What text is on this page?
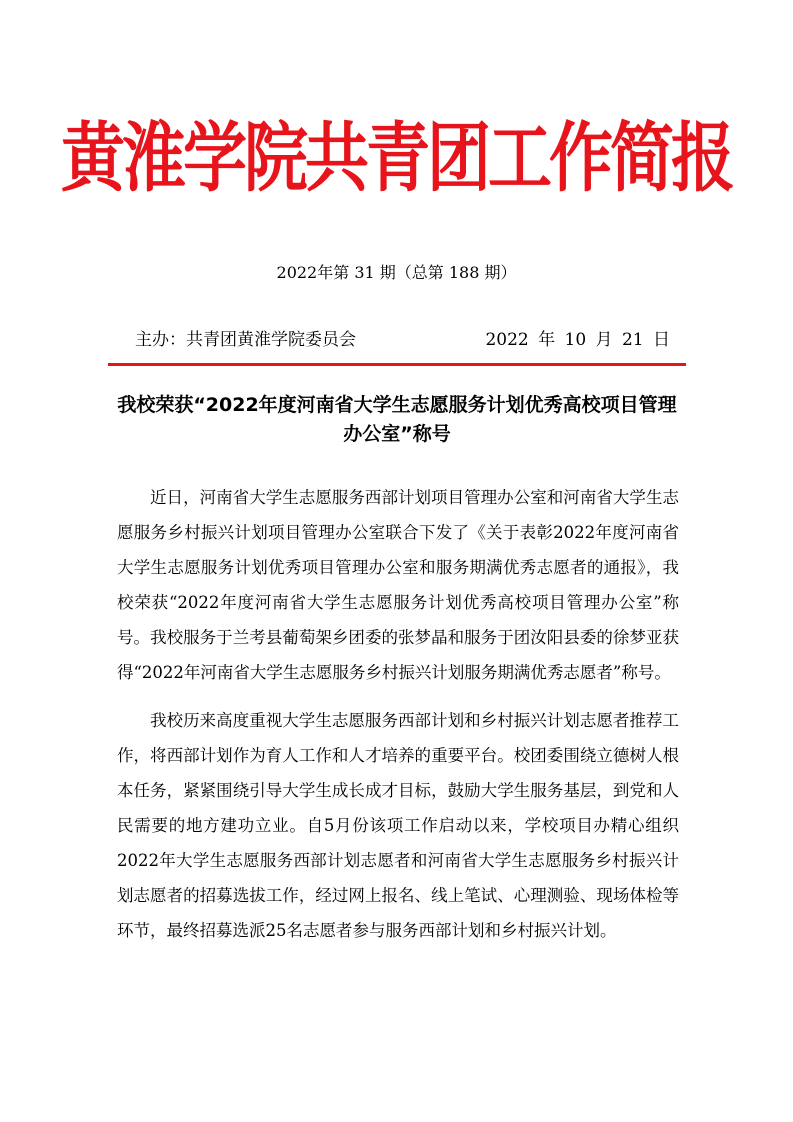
黄淮学院共青团工作简报
2022年第 31 期（总第 188 期）
主办：共青团黄淮学院委员会	2022 年 10 月 21 日
我校荣获“2022年度河南省大学生志愿服务计划优秀高校项目管理办公室”称号

近日，河南省大学生志愿服务西部计划项目管理办公室和河南省大学生志愿服务乡村振兴计划项目管理办公室联合下发了《关于表彰2022年度河南省大学生志愿服务计划优秀项目管理办公室和服务期满优秀志愿者的通报》，我校荣获“2022年度河南省大学生志愿服务计划优秀高校项目管理办公室”称号。我校服务于兰考县葡萄架乡团委的张梦晶和服务于团汝阳县委的徐梦亚获得“2022年河南省大学生志愿服务乡村振兴计划服务期满优秀志愿者”称号。

我校历来高度重视大学生志愿服务西部计划和乡村振兴计划志愿者推荐工作，将西部计划作为育人工作和人才培养的重要平台。校团委围绕立德树人根本任务，紧紧围绕引导大学生成长成才目标，鼓励大学生服务基层，到党和人民需要的地方建功立业。自5月份该项工作启动以来，学校项目办精心组织2022年大学生志愿服务西部计划志愿者和河南省大学生志愿服务乡村振兴计划志愿者的招募选拔工作，经过网上报名、线上笔试、心理测验、现场体检等环节，最终招募选派25名志愿者参与服务西部计划和乡村振兴计划。
